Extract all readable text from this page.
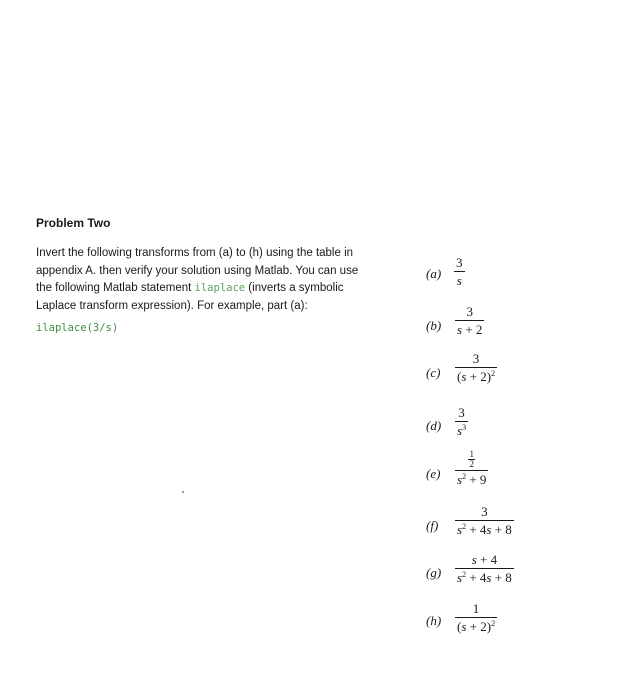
Problem Two
Invert the following transforms from (a) to (h) using the table in
appendix A. then verify your solution using Matlab. You can use
the following Matlab statement ilaplace (inverts a symbolic
Laplace transform expression). For example, part (a):
ilaplace(3/s)
$(a) \frac{3}{s}$
$(b) \frac{3}{s + 2}$
$(c) \frac{3}{(s + 2)^2}$
$(d) \frac{3}{s^3}$
$(e) \frac{\frac{1}{2}}{s^2 + 9}$
$(f) \frac{3}{s^2 + 4s + 8}$
$(g) \frac{s + 4}{s^2 + 4s + 8}$
$(h) \frac{1}{(s + 2)^2}$
